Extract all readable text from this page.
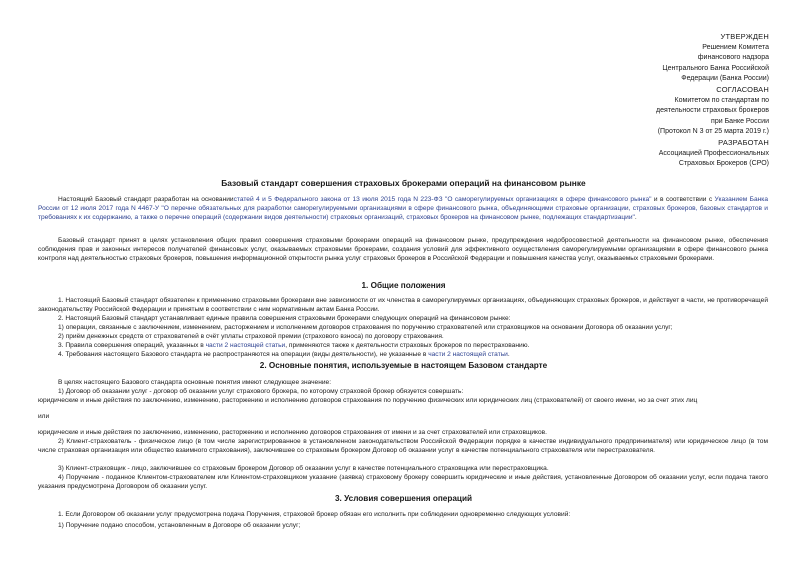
УТВЕРЖДЕН
Решением Комитета
финансового надзора
Центрального Банка Российской
Федерации (Банка России)
СОГЛАСОВАН
Комитетом по стандартам по
деятельности страховых брокеров
при Банке России
(Протокол N 3 от 25 марта 2019 г.)
РАЗРАБОТАН
Ассоциацией Профессиональных
Страховых Брокеров (СРО)
Базовый стандарт совершения страховых брокерами операций на финансовом рынке
Настоящий Базовый стандарт разработан на основаниистатей 4 и 5 Федерального закона от 13 июля 2015 года N 223-ФЗ "О саморегулируемых организациях в сфере финансового рынка" и в соответствии с Указанием Банка России от 12 июля 2017 года N 4467-У "О перечне обязательных для разработки саморегулируемыми организациями в сфере финансового рынка, объединяющими страховые организации, страховых брокеров, базовых стандартов и требованиях к их содержанию, а также о перечне операций (содержании видов деятельности) страховых организаций, страховых брокеров на финансовом рынке, подлежащих стандартизации".
Базовый стандарт принят в целях установления общих правил совершения страховыми брокерами операций на финансовом рынке, предупреждения недобросовестной деятельности на финансовом рынке, обеспечения соблюдения прав и законных интересов получателей финансовых услуг, оказываемых страховыми брокерами, создания условий для эффективного осуществления саморегулируемыми организациями в сфере финансового рынка контроля над деятельностью страховых брокеров, повышения информационной открытости рынка услуг страховых брокеров в Российской Федерации и повышения качества услуг, оказываемых страховыми брокерами.
1. Общие положения
1. Настоящий Базовый стандарт обязателен к применению страховыми брокерами вне зависимости от их членства в саморегулируемых организациях, объединяющих страховых брокеров, и действует в части, не противоречащей законодательству Российской Федерации и принятым в соответствии с ним нормативным актам Банка России.
2. Настоящий Базовый стандарт устанавливает единые правила совершения страховыми брокерами следующих операций на финансовом рынке:
1) операции, связанные с заключением, изменением, расторжением и исполнением договоров страхования по поручению страхователей или страховщиков на основании Договора об оказании услуг;
2) приём денежных средств от страхователей в счёт уплаты страховой премии (страхового взноса) по договору страхования.
3. Правила совершения операций, указанных в части 2 настоящей статьи, применяются также к деятельности страховых брокеров по перестрахованию.
4. Требования настоящего Базового стандарта не распространяются на операции (виды деятельности), не указанные в части 2 настоящей статьи.
2. Основные понятия, используемые в настоящем Базовом стандарте
В целях настоящего Базового стандарта основные понятия имеют следующее значение:
1) Договор об оказании услуг - договор об оказании услуг страхового брокера, по которому страховой брокер обязуется совершать:
юридические и иные действия по заключению, изменению, расторжению и исполнению договоров страхования по поручению физических или юридических лиц (страхователей) от своего имени, но за счет этих лиц
или
юридические и иные действия по заключению, изменению, расторжению и исполнению договоров страхования от имени и за счет страхователей или страховщиков.
2) Клиент-страхователь - физическое лицо (в том числе зарегистрированное в установленном законодательством Российской Федерации порядке в качестве индивидуального предпринимателя) или юридическое лицо (в том числе страховая организация или общество взаимного страхования), заключившее со страховым брокером Договор об оказании услуг в качестве потенциального страхователя или перестрахователя.
3) Клиент-страховщик - лицо, заключившее со страховым брокером Договор об оказании услуг в качестве потенциального страховщика или перестраховщика.
4) Поручение - поданное Клиентом-страхователем или Клиентом-страховщиком указание (заявка) страховому брокеру совершить юридические и иные действия, установленные Договором об оказании услуг, если подача такого указания предусмотрена Договором об оказании услуг.
3. Условия совершения операций
1. Если Договором об оказании услуг предусмотрена подача Поручения, страховой брокер обязан его исполнить при соблюдении одновременно следующих условий:
1) Поручение подано способом, установленным в Договоре об оказании услуг;
